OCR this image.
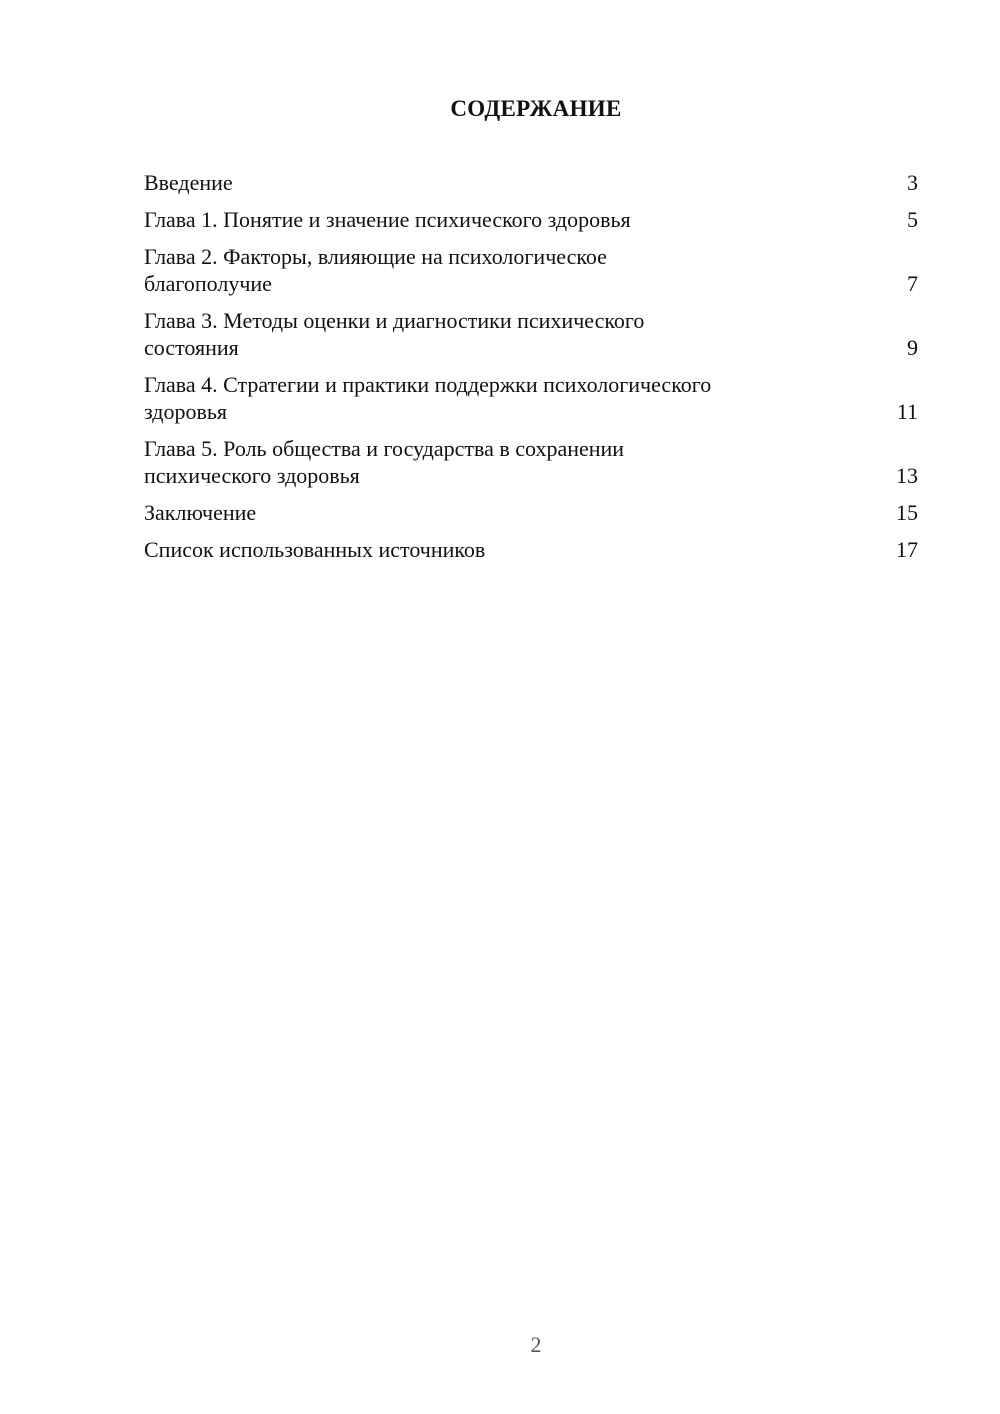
СОДЕРЖАНИЕ
Введение	3
Глава 1. Понятие и значение психического здоровья	5
Глава 2. Факторы, влияющие на психологическое
благополучие	7
Глава 3. Методы оценки и диагностики психического
состояния	9
Глава 4. Стратегии и практики поддержки психологического
здоровья	11
Глава 5. Роль общества и государства в сохранении
психического здоровья	13
Заключение	15
Список использованных источников	17
2
